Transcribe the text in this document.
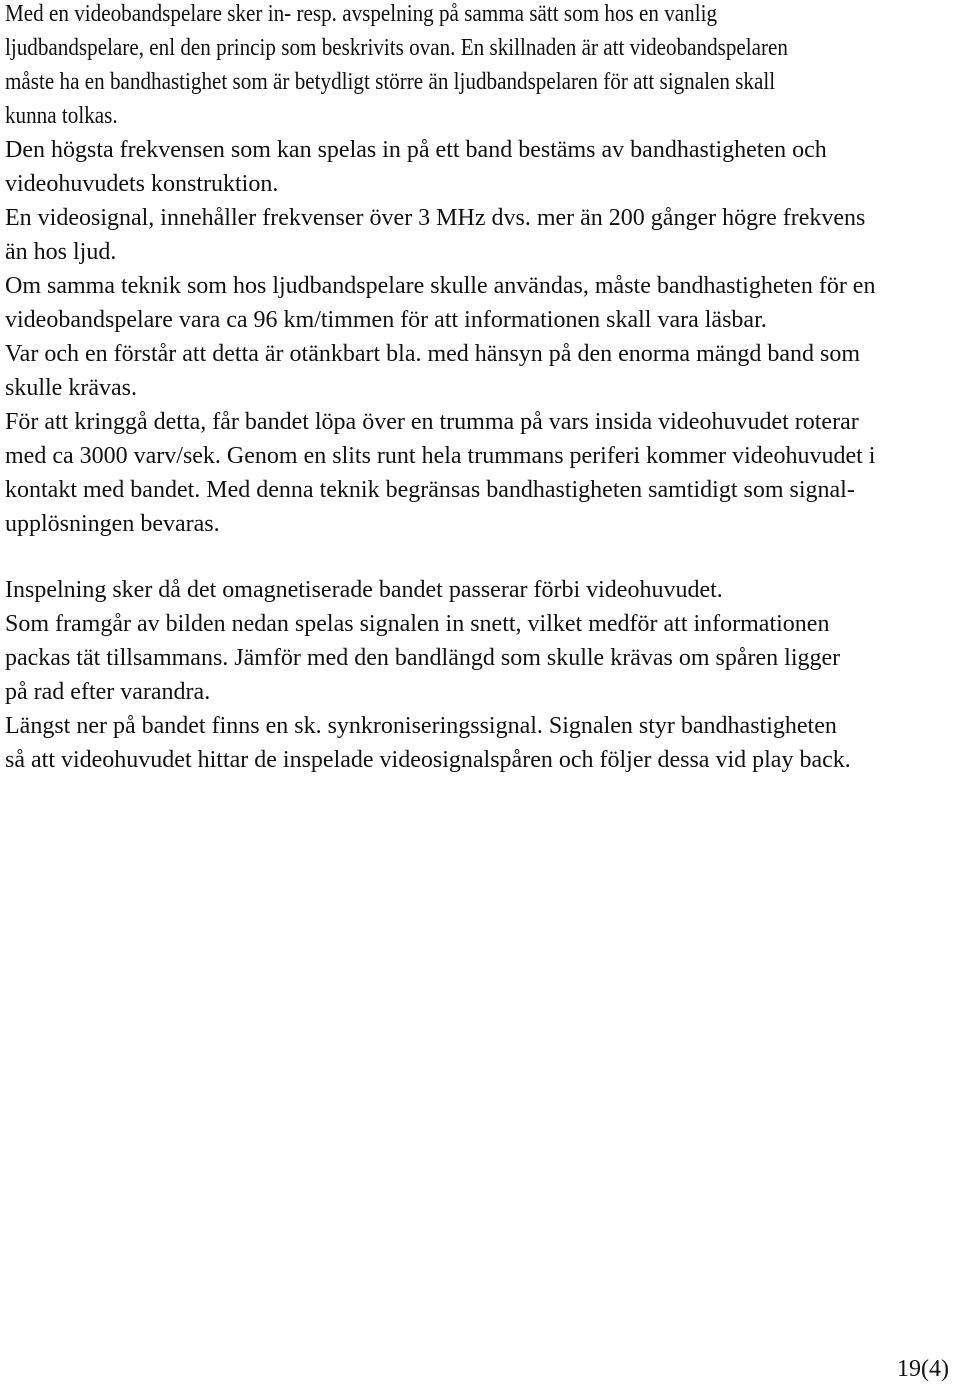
Med en videobandspelare sker in- resp. avspelning på samma sätt som hos en vanlig
ljudbandspelare, enl den princip som beskrivits ovan. En skillnaden är att videobandspelaren
måste ha en bandhastighet som är betydligt större än ljudbandspelaren för att signalen skall
kunna tolkas.
Den högsta frekvensen som kan spelas in på ett band bestäms av bandhastigheten och
videohuvudets konstruktion.
En videosignal, innehåller frekvenser över 3 MHz dvs. mer än 200 gånger högre frekvens
än hos ljud.
Om samma teknik som hos ljudbandspelare skulle användas, måste bandhastigheten för en
videobandspelare vara ca 96 km/timmen för att informationen skall vara läsbar.
Var och en förstår att detta är otänkbart bla. med hänsyn på den enorma mängd band som
skulle krävas.
För att kringgå detta, får bandet löpa över en trumma på vars insida videohuvudet roterar
med ca 3000 varv/sek. Genom en slits runt hela trummans periferi kommer videohuvudet i
kontakt med bandet. Med denna teknik begränsas bandhastigheten samtidigt som signal-
upplösningen bevaras.
Inspelning sker då det omagnetiserade bandet passerar förbi videohuvudet.
Som framgår av bilden nedan spelas signalen in snett, vilket medför att informationen
packas tät tillsammans. Jämför med den bandlängd som skulle krävas om spåren ligger
på rad efter varandra.
Längst ner på bandet finns en sk. synkroniseringssignal. Signalen styr bandhastigheten
så att videohuvudet hittar de inspelade videosignalspåren och följer dessa vid play back.
19(4)
